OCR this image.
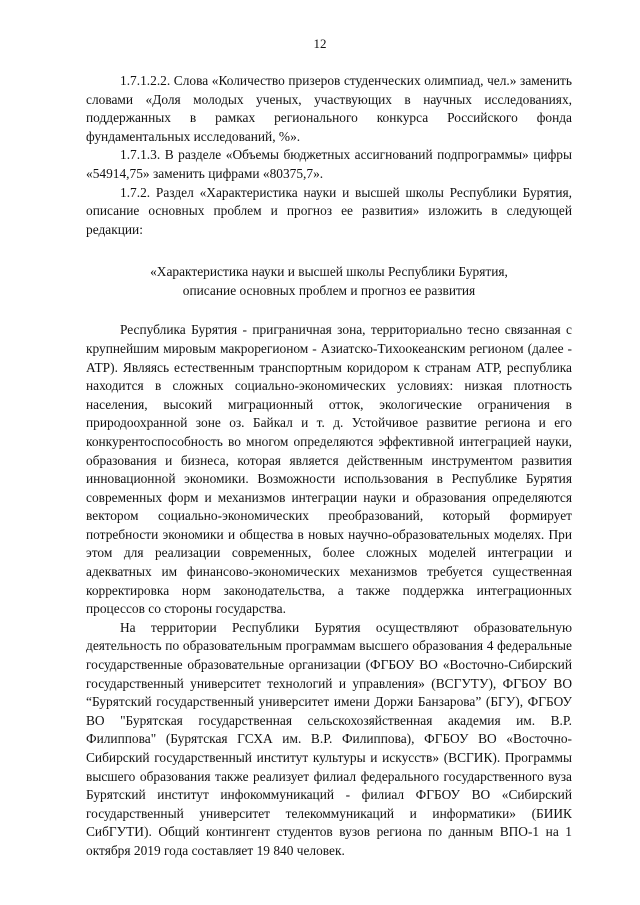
12

1.7.1.2.2. Слова «Количество призеров студенческих олимпиад, чел.» заменить словами «Доля молодых ученых, участвующих в научных исследованиях, поддержанных в рамках регионального конкурса Российского фонда фундаментальных исследований, %».

1.7.1.3. В разделе «Объемы бюджетных ассигнований подпрограммы» цифры «54914,75» заменить цифрами «80375,7».

1.7.2. Раздел «Характеристика науки и высшей школы Республики Бурятия, описание основных проблем и прогноз ее развития» изложить в следующей редакции:

«Характеристика науки и высшей школы Республики Бурятия,

описание основных проблем и прогноз ее развития

Республика Бурятия - приграничная зона, территориально тесно связанная с крупнейшим мировым макрорегионом - Азиатско-Тихоокеанским регионом (далее - АТР). Являясь естественным транспортным коридором к странам АТР, республика находится в сложных социально-экономических условиях: низкая плотность населения, высокий миграционный отток, экологические ограничения в природоохранной зоне оз. Байкал и т. д. Устойчивое развитие региона и его конкурентоспособность во многом определяются эффективной интеграцией науки, образования и бизнеса, которая является действенным инструментом развития инновационной экономики. Возможности использования в Республике Бурятия современных форм и механизмов интеграции науки и образования определяются вектором социально-экономических преобразований, который формирует потребности экономики и общества в новых научно-образовательных моделях. При этом для реализации современных, более сложных моделей интеграции и адекватных им финансово-экономических механизмов требуется существенная корректировка норм законодательства, а также поддержка интеграционных процессов со стороны государства.

На территории Республики Бурятия осуществляют образовательную деятельность по образовательным программам высшего образования 4 федеральные государственные образовательные организации (ФГБОУ ВО «Восточно-Сибирский государственный университет технологий и управления» (ВСГУТУ), ФГБОУ ВО “Бурятский государственный университет имени Доржи Банзарова” (БГУ), ФГБОУ ВО "Бурятская государственная сельскохозяйственная академия им. В.Р. Филиппова" (Бурятская ГСХА им. В.Р. Филиппова), ФГБОУ ВО «Восточно-Сибирский государственный институт культуры и искусств» (ВСГИК). Программы высшего образования также реализует филиал федерального государственного вуза Бурятский институт инфокоммуникаций - филиал ФГБОУ ВО «Сибирский государственный университет телекоммуникаций и информатики» (БИИК СибГУТИ). Общий контингент студентов вузов региона по данным ВПО-1 на 1 октября 2019 года составляет 19 840 человек.
